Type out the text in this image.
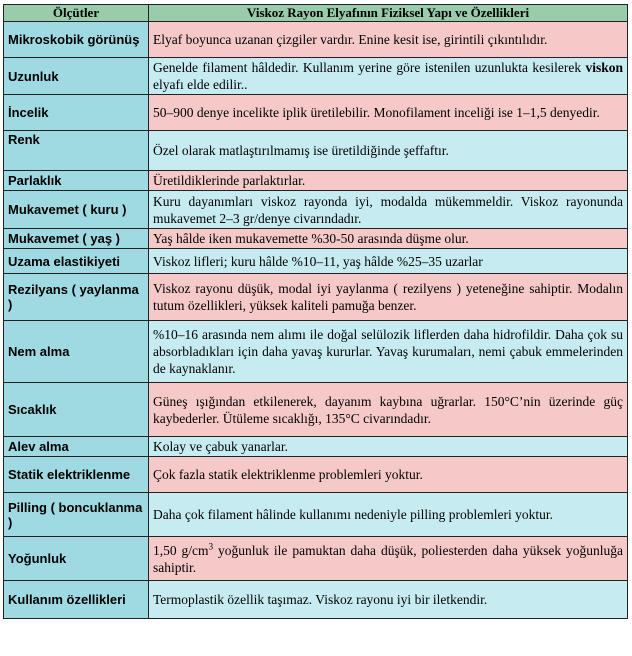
Ölçütler	Viskoz Rayon Elyafının Fiziksel Yapı ve Özellikleri
Mikroskobik görünüş	Elyaf boyunca uzanan çizgiler vardır. Enine kesit ise, girintili çıkıntılıdır.
Uzunluk	Genelde filament hâldedir. Kullanım yerine göre istenilen uzunlukta kesilerek viskon elyafı elde edilir..
İncelik	50–900 denye incelikte iplik üretilebilir. Monofilament inceliği ise 1–1,5 denyedir.
Renk	Özel olarak matlaştırılmamış ise üretildiğinde şeffaftır.
Parlaklık	Üretildiklerinde parlaktırlar.
Mukavemet ( kuru )	Kuru dayanımları viskoz rayonda iyi, modalda mükemmeldir. Viskoz rayonunda mukavemet 2–3 gr/denye civarındadır.
Mukavemet ( yaş )	Yaş hâlde iken mukavemette %30-50 arasında düşme olur.
Uzama elastikiyeti	Viskoz lifleri; kuru hâlde %10–11, yaş hâlde %25–35 uzarlar
Rezilyans ( yaylanma )	Viskoz rayonu düşük, modal iyi yaylanma ( rezilyens ) yeteneğine sahiptir. Modalın tutum özellikleri, yüksek kaliteli pamuğa benzer.
Nem alma	%10–16 arasında nem alımı ile doğal selülozik liflerden daha hidrofildir. Daha çok su absorbladıkları için daha yavaş kururlar. Yavaş kurumaları, nemi çabuk emmelerinden de kaynaklanır.
Sıcaklık	Güneş ışığından etkilenerek, dayanım kaybına uğrarlar. 150°C’nin üzerinde güç kaybederler. Ütüleme sıcaklığı, 135°C civarındadır.
Alev alma	Kolay ve çabuk yanarlar.
Statik elektriklenme	Çok fazla statik elektriklenme problemleri yoktur.
Pilling ( boncuklanma )	Daha çok filament hâlinde kullanımı nedeniyle pilling problemleri yoktur.
Yoğunluk	1,50 $g/cm^3$ yoğunluk ile pamuktan daha düşük, poliesterden daha yüksek yoğunluğa sahiptir.
Kullanım özellikleri	Termoplastik özellik taşımaz. Viskoz rayonu iyi bir iletkendir.
